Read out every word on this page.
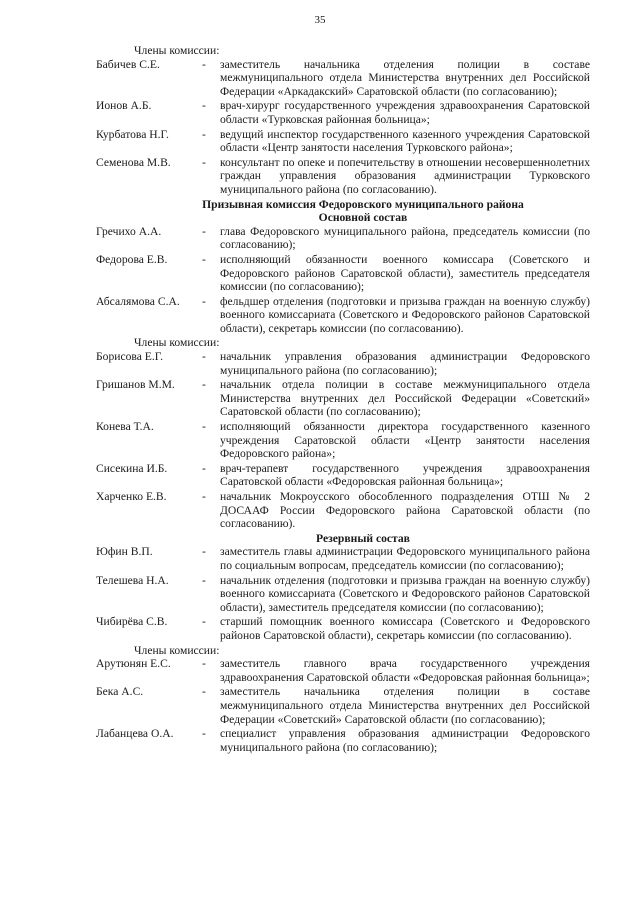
35

Члены комиссии:

Бабичев С.Е.	-	заместитель начальника отделения полиции в составе межмуниципального отдела Министерства внутренних дел Российской Федерации «Аркадакский» Саратовской области (по согласованию);
Ионов А.Б.	-	врач-хирург государственного учреждения здравоохранения Саратовской области «Турковская районная больница»;
Курбатова Н.Г.	-	ведущий инспектор государственного казенного учреждения Саратовской области «Центр занятости населения Турковского района»;
Семенова М.В.	-	консультант по опеке и попечительству в отношении несовершеннолетних граждан управления образования администрации Турковского муниципального района (по согласованию).

Призывная комиссия Федоровского муниципального района

Основной состав

Гречихо А.А.	-	глава Федоровского муниципального района, председатель комиссии (по согласованию);
Федорова Е.В.	-	исполняющий обязанности военного комиссара (Советского и Федоровского районов Саратовской области), заместитель председателя комиссии (по согласованию);
Абсалямова С.А.	-	фельдшер отделения (подготовки и призыва граждан на военную службу) военного комиссариата (Советского и Федоровского районов Саратовской области), секретарь комиссии (по согласованию).

Члены комиссии:

Борисова Е.Г.	-	начальник управления образования администрации Федоровского муниципального района (по согласованию);
Гришанов М.М.	-	начальник отдела полиции в составе межмуниципального отдела Министерства внутренних дел Российской Федерации «Советский» Саратовской области (по согласованию);
Конева Т.А.	-	исполняющий обязанности директора государственного казенного учреждения Саратовской области «Центр занятости населения Федоровского района»;
Сисекина И.Б.	-	врач-терапевт государственного учреждения здравоохранения Саратовской области «Федоровская районная больница»;
Харченко Е.В.	-	начальник Мокроусского обособленного подразделения ОТШ № 2 ДОСААФ России Федоровского района Саратовской области (по согласованию).

Резервный состав

Юфин В.П.	-	заместитель главы администрации Федоровского муниципального района по социальным вопросам, председатель комиссии (по согласованию);
Телешева Н.А.	-	начальник отделения (подготовки и призыва граждан на военную службу) военного комиссариата (Советского и Федоровского районов Саратовской области), заместитель председателя комиссии (по согласованию);
Чибирёва С.В.	-	старший помощник военного комиссара (Советского и Федоровского районов Саратовской области), секретарь комиссии (по согласованию).

Члены комиссии:

Арутюнян Е.С.	-	заместитель главного врача государственного учреждения здравоохранения Саратовской области «Федоровская районная больница»;
Бека А.С.	-	заместитель начальника отделения полиции в составе межмуниципального отдела Министерства внутренних дел Российской Федерации «Советский» Саратовской области (по согласованию);
Лабанцева О.А.	-	специалист управления образования администрации Федоровского муниципального района (по согласованию);
